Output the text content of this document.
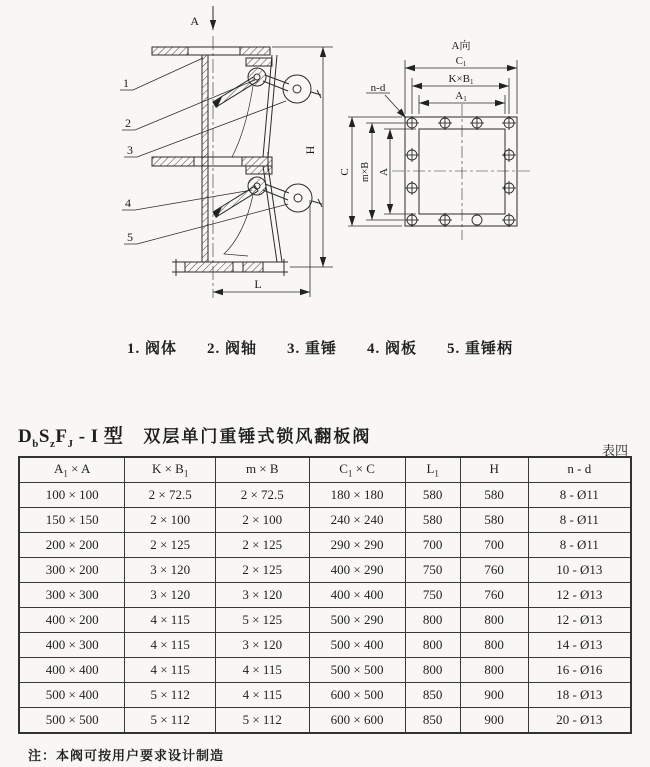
A
H
L
1
2
3
4
5
A向
C1
K×B1
A1
C m×B A
n-d
1. 阀体 2. 阀轴 3. 重锤 4. 阀板 5. 重锤柄
$D_bS_zF_J$ - I 型 双层单门重锤式锁风翻板阀
表四
$A_1 \times A$	$K \times B_1$	m × B	$C_1 \times C$	$L_1$	H	n - d
100 × 100	2 × 72.5	2 × 72.5	180 × 180	580	580	8 - Ø11
150 × 150	2 × 100	2 × 100	240 × 240	580	580	8 - Ø11
200 × 200	2 × 125	2 × 125	290 × 290	700	700	8 - Ø11
300 × 200	3 × 120	2 × 125	400 × 290	750	760	10 - Ø13
300 × 300	3 × 120	3 × 120	400 × 400	750	760	12 - Ø13
400 × 200	4 × 115	5 × 125	500 × 290	800	800	12 - Ø13
400 × 300	4 × 115	3 × 120	500 × 400	800	800	14 - Ø13
400 × 400	4 × 115	4 × 115	500 × 500	800	800	16 - Ø16
500 × 400	5 × 112	4 × 115	600 × 500	850	900	18 - Ø13
500 × 500	5 × 112	5 × 112	600 × 600	850	900	20 - Ø13
注：本阀可按用户要求设计制造
